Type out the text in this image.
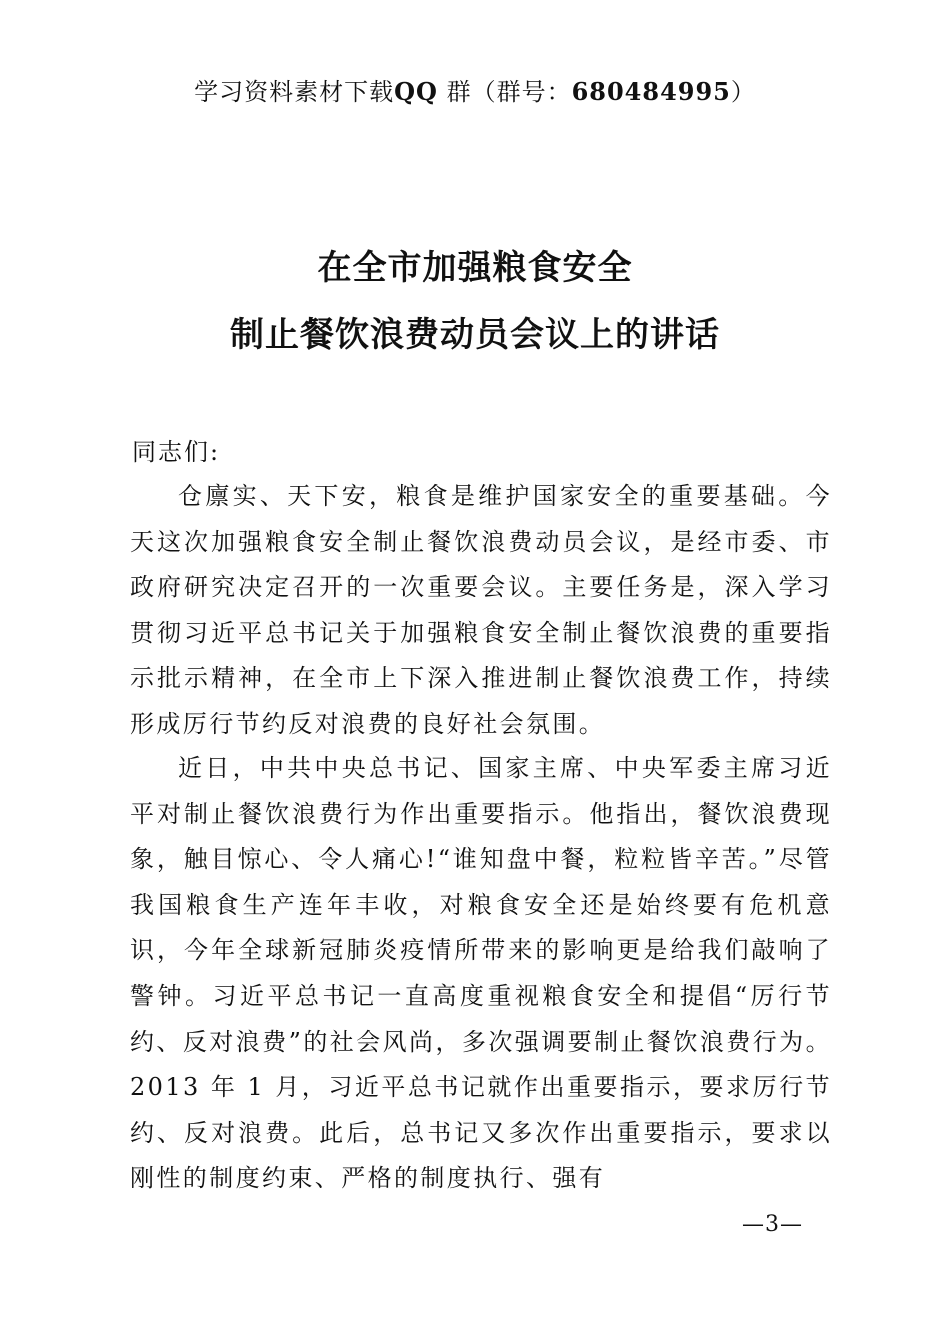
学习资料素材下载QQ 群（群号：680484995）
在全市加强粮食安全
制止餐饮浪费动员会议上的讲话
同志们:

仓廪实、天下安，粮食是维护国家安全的重要基础。今天这次加强粮食安全制止餐饮浪费动员会议，是经市委、市政府研究决定召开的一次重要会议。主要任务是，深入学习贯彻习近平总书记关于加强粮食安全制止餐饮浪费的重要指示批示精神，在全市上下深入推进制止餐饮浪费工作，持续形成厉行节约反对浪费的良好社会氛围。

近日，中共中央总书记、国家主席、中央军委主席习近平对制止餐饮浪费行为作出重要指示。他指出，餐饮浪费现象，触目惊心、令人痛心!“谁知盘中餐，粒粒皆辛苦。”尽管我国粮食生产连年丰收，对粮食安全还是始终要有危机意识，今年全球新冠肺炎疫情所带来的影响更是给我们敲响了警钟。习近平总书记一直高度重视粮食安全和提倡“厉行节约、反对浪费”的社会风尚，多次强调要制止餐饮浪费行为。2013 年 1 月，习近平总书记就作出重要指示，要求厉行节约、反对浪费。此后，总书记又多次作出重要指示，要求以刚性的制度约束、严格的制度执行、强有

—3—
